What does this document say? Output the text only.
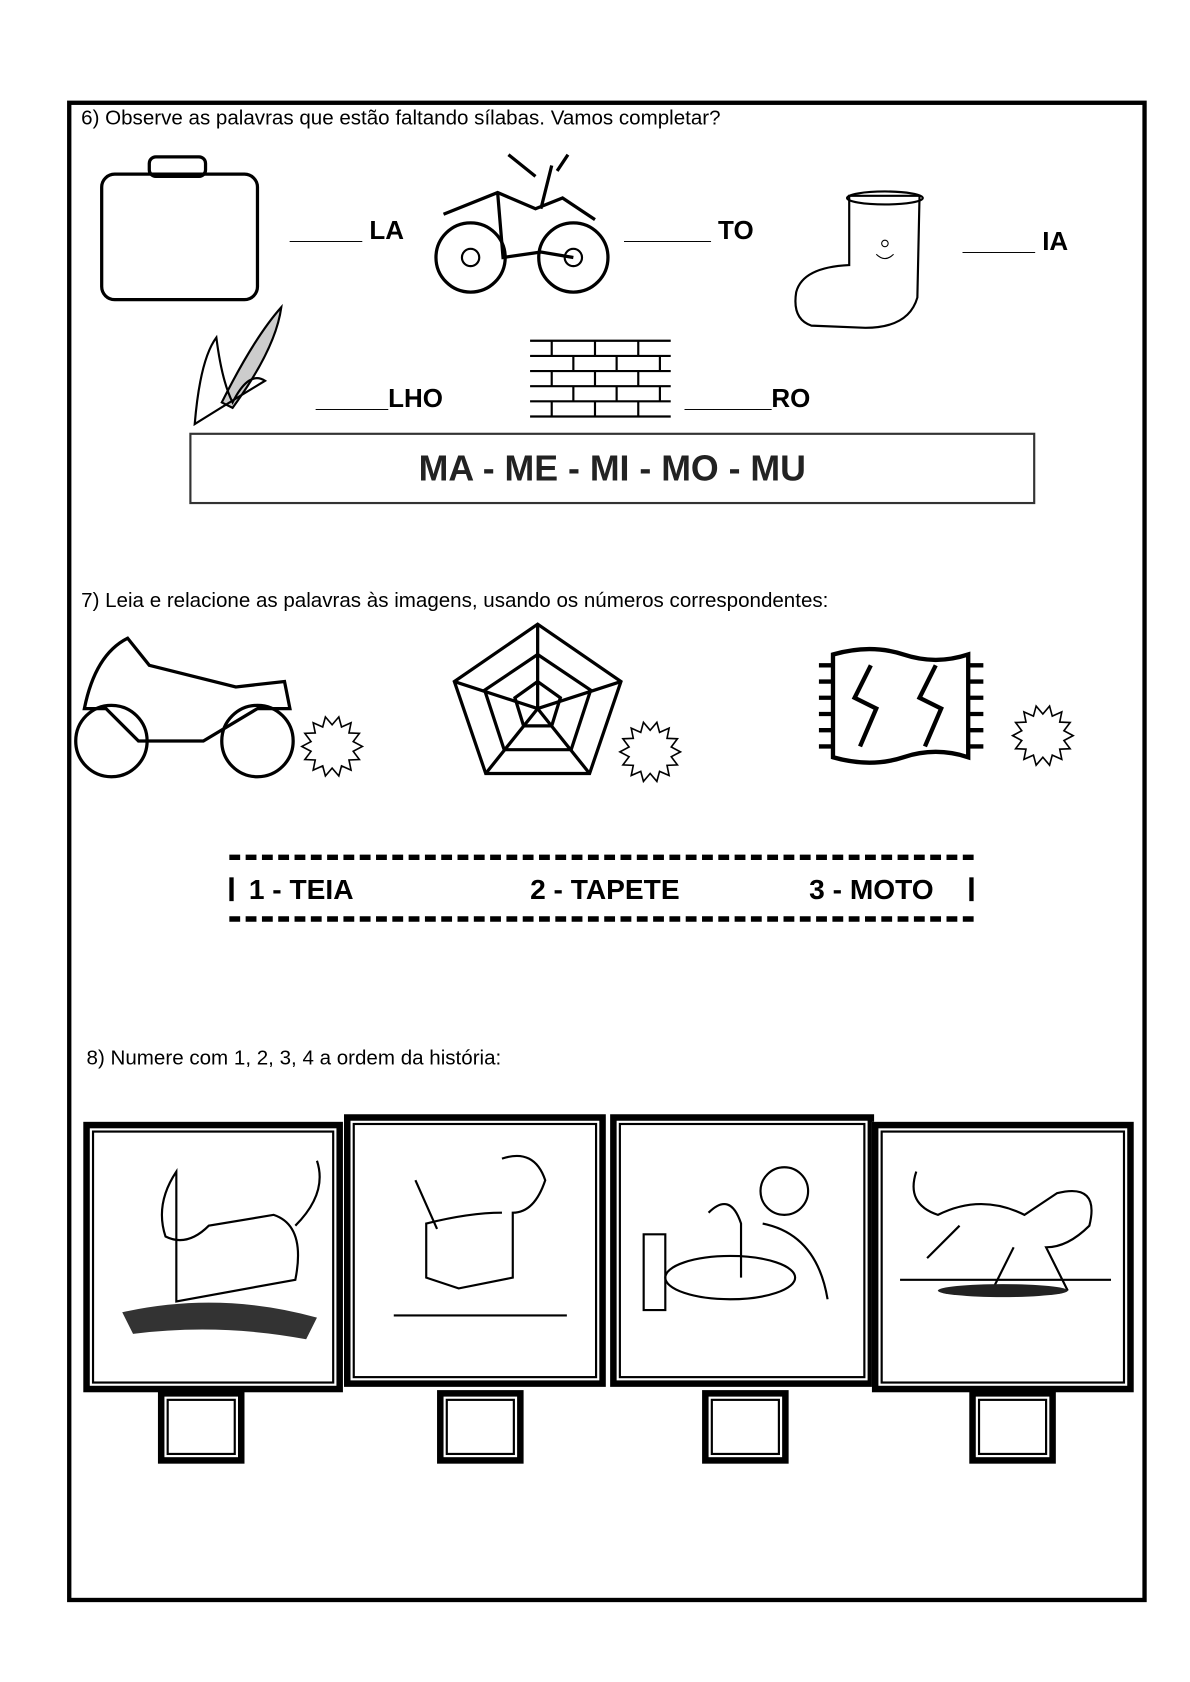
6) Observe as palavras que estão faltando sílabas. Vamos completar?
_____ LA	______ TO	_____ IA
_____LHO	______RO
MA - ME - MI - MO - MU
7) Leia e relacione as palavras às imagens, usando os números correspondentes:
1 - TEIA	2 - TAPETE	3 - MOTO
8) Numere com 1, 2, 3, 4 a ordem da história:
